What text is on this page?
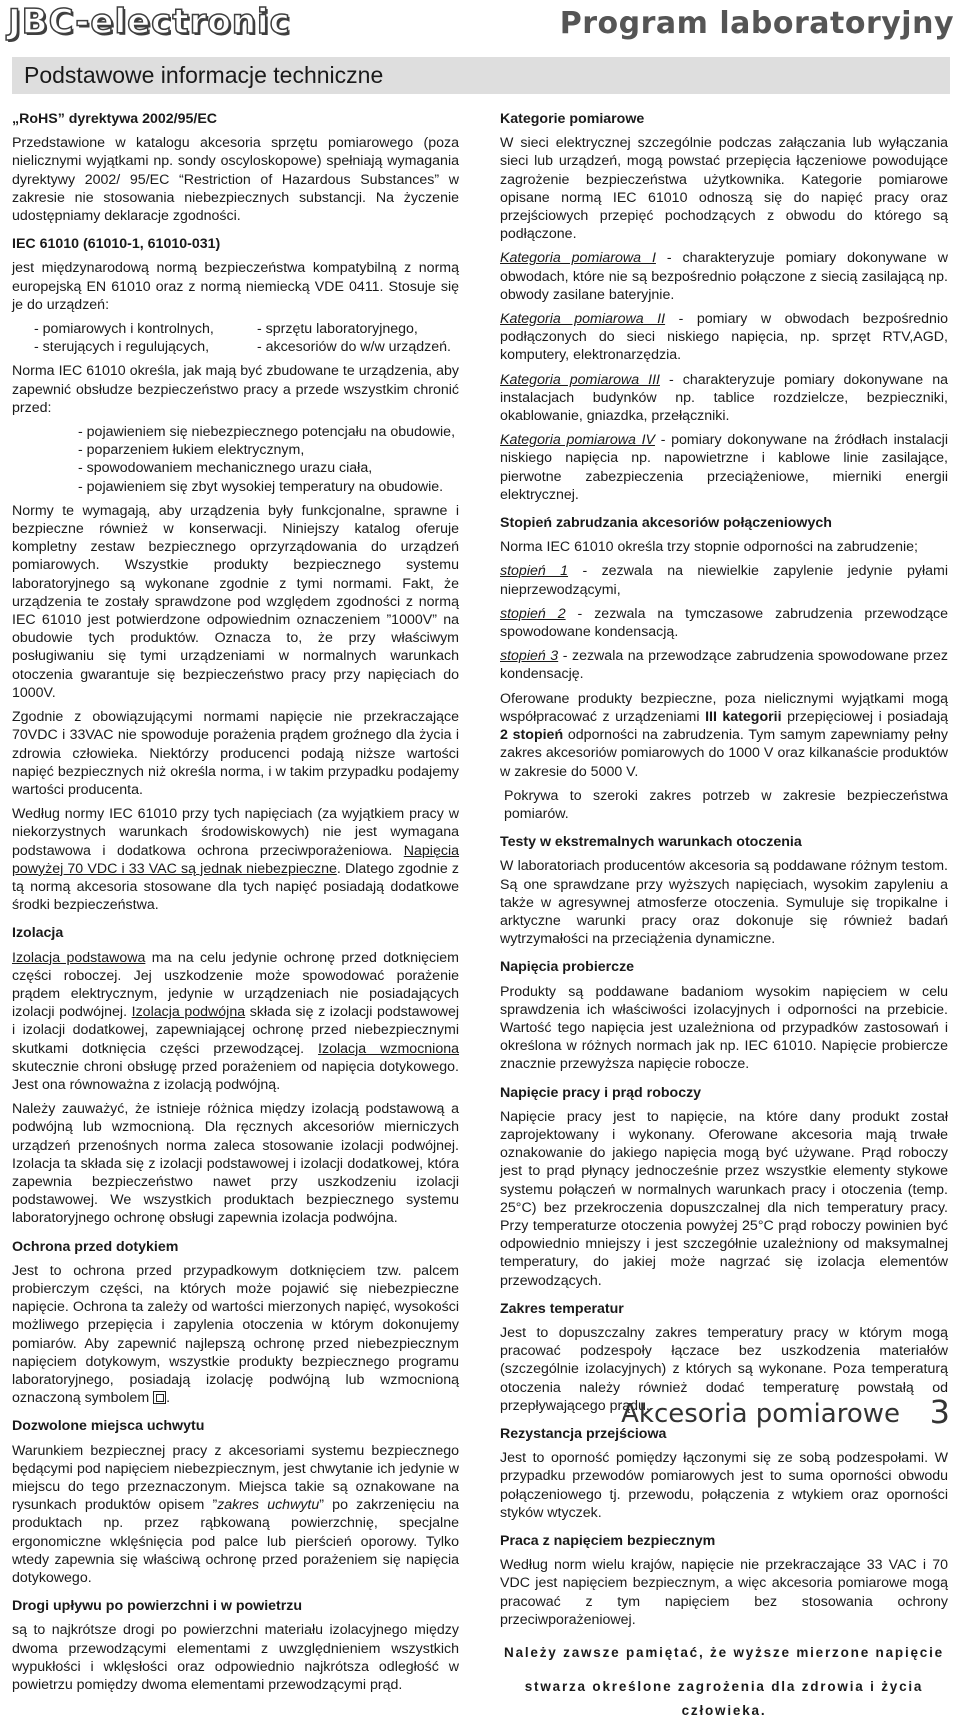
JBC-electronic	Program laboratoryjny
Podstawowe informacje techniczne

„RoHS” dyrektywa 2002/95/EC

Przedstawione w katalogu akcesoria sprzętu pomiarowego (poza nielicznymi wyjątkami np. sondy oscyloskopowe) spełniają wymagania dyrektywy 2002/ 95/EC “Restriction of Hazardous Substances” w zakresie nie stosowania niebezpiecznych substancji. Na życzenie udostępniamy deklaracje zgodności.

IEC 61010 (61010-1, 61010-031)

jest międzynarodową normą bezpieczeństwa kompatybilną z normą europejską EN 61010 oraz z normą niemiecką VDE 0411. Stosuje się je do urządzeń:

- pomiarowych i kontrolnych,	- sprzętu laboratoryjnego,

- sterujących i regulujących,	- akcesoriów do w/w urządzeń.

Norma IEC 61010 określa, jak mają być zbudowane te urządzenia, aby zapewnić obsłudze bezpieczeństwo pracy a przede wszystkim chronić przed:

- pojawieniem się niebezpiecznego potencjału na obudowie,

- poparzeniem łukiem elektrycznym,

- spowodowaniem mechanicznego urazu ciała,

- pojawieniem się zbyt wysokiej temperatury na obudowie.

Normy te wymagają, aby urządzenia były funkcjonalne, sprawne i bezpieczne również w konserwacji. Niniejszy katalog oferuje kompletny zestaw bezpiecznego oprzyrządowania do urządzeń pomiarowych. Wszystkie produkty bezpiecznego systemu laboratoryjnego są wykonane zgodnie z tymi normami. Fakt, że urządzenia te zostały sprawdzone pod względem zgodności z normą IEC 61010 jest potwierdzone odpowiednim oznaczeniem ”1000V” na obudowie tych produktów. Oznacza to, że przy właściwym posługiwaniu się tymi urządzeniami w normalnych warunkach otoczenia gwarantuje się bezpieczeństwo pracy przy napięciach do 1000V.

Zgodnie z obowiązującymi normami napięcie nie przekraczające 70VDC i 33VAC nie spowoduje porażenia prądem groźnego dla życia i zdrowia człowieka. Niektórzy producenci podają niższe wartości napięć bezpiecznych niż określa norma, i w takim przypadku podajemy wartości producenta.

Według normy IEC 61010 przy tych napięciach (za wyjątkiem pracy w niekorzystnych warunkach środowiskowych) nie jest wymagana podstawowa i dodatkowa ochrona przeciwporażeniowa. Napięcia powyżej 70 VDC i 33 VAC są jednak niebezpieczne. Dlatego zgodnie z tą normą akcesoria stosowane dla tych napięć posiadają dodatkowe środki bezpieczeństwa.

Izolacja

Izolacja podstawowa ma na celu jedynie ochronę przed dotknięciem części roboczej. Jej uszkodzenie może spowodować porażenie prądem elektrycznym, jedynie w urządzeniach nie posiadających izolacji podwójnej. Izolacja podwójna składa się z izolacji podstawowej i izolacji dodatkowej, zapewniającej ochronę przed niebezpiecznymi skutkami dotknięcia części przewodzącej. Izolacja wzmocniona skutecznie chroni obsługę przed porażeniem od napięcia dotykowego. Jest ona równoważna z izolacją podwójną.

Należy zauważyć, że istnieje różnica między izolacją podstawową a podwójną lub wzmocnioną. Dla ręcznych akcesoriów mierniczych urządzeń przenośnych norma zaleca stosowanie izolacji podwójnej. Izolacja ta składa się z izolacji podstawowej i izolacji dodatkowej, która zapewnia bezpieczeństwo nawet przy uszkodzeniu izolacji podstawowej. We wszystkich produktach bezpiecznego systemu laboratoryjnego ochronę obsługi zapewnia izolacja podwójna.

Ochrona przed dotykiem

Jest to ochrona przed przypadkowym dotknięciem tzw. palcem probierczym części, na których może pojawić się niebezpieczne napięcie. Ochrona ta zależy od wartości mierzonych napięć, wysokości możliwego przepięcia i zapylenia otoczenia w którym dokonujemy pomiarów. Aby zapewnić najlepszą ochronę przed niebezpiecznym napięciem dotykowym, wszystkie produkty bezpiecznego programu laboratoryjnego, posiadają izolację podwójną lub wzmocnioną oznaczoną symbolem .

Dozwolone miejsca uchwytu

Warunkiem bezpiecznej pracy z akcesoriami systemu bezpiecznego będącymi pod napięciem niebezpiecznym, jest chwytanie ich jedynie w miejscu do tego przeznaczonym. Miejsca takie są oznakowane na rysunkach produktów opisem ”zakres uchwytu” po zakrzenięciu na produktach np. przez rąbkowaną powierzchnię, specjalne ergonomiczne wklęśnięcia pod palce lub pierścień oporowy. Tylko wtedy zapewnia się właściwą ochronę przed porażeniem się napięcia dotykowego.

Drogi upływu po powierzchni i w powietrzu

są to najkrótsze drogi po powierzchni materiału izolacyjnego między dwoma przewodzącymi elementami z uwzględnieniem wszystkich wypukłości i wklęsłości oraz odpowiednio najkrótsza odległość w powietrzu pomiędzy dwoma elementami przewodzącymi prąd.

Kategorie pomiarowe

W sieci elektrycznej szczególnie podczas załączania lub wyłączania sieci lub urządzeń, mogą powstać przepięcia łączeniowe powodujące zagrożenie bezpieczeństwa użytkownika. Kategorie pomiarowe opisane normą IEC 61010 odnoszą się do napięć pracy oraz przejściowych przepięć pochodzących z obwodu do którego są podłączone.

Kategoria pomiarowa I - charakteryzuje pomiary dokonywane w obwodach, które nie są bezpośrednio połączone z siecią zasilającą np. obwody zasilane bateryjnie.

Kategoria pomiarowa II - pomiary w obwodach bezpośrednio podłączonych do sieci niskiego napięcia, np. sprzęt RTV,AGD, komputery, elektronarzędzia.

Kategoria pomiarowa III - charakteryzuje pomiary dokonywane na instalacjach budynków np. tablice rozdzielcze, bezpieczniki, okablowanie, gniazdka, przełączniki.

Kategoria pomiarowa IV - pomiary dokonywane na źródłach instalacji niskiego napięcia np. napowietrzne i kablowe linie zasilające, pierwotne zabezpieczenia przeciążeniowe, mierniki energii elektrycznej.

Stopień zabrudzania akcesoriów połączeniowych

Norma IEC 61010 określa trzy stopnie odporności na zabrudzenie;

stopień 1 - zezwala na niewielkie zapylenie jedynie pyłami nieprzewodzącymi,

stopień 2 - zezwala na tymczasowe zabrudzenia przewodzące spowodowane kondensacją.

stopień 3 - zezwala na przewodzące zabrudzenia spowodowane przez kondensację.

Oferowane produkty bezpieczne, poza nielicznymi wyjątkami mogą współpracować z urządzeniami III kategorii przepięciowej i posiadają 2 stopień odporności na zabrudzenia. Tym samym zapewniamy pełny zakres akcesoriów pomiarowych do 1000 V oraz kilkanaście produktów w zakresie do 5000 V.

Pokrywa to szeroki zakres potrzeb w zakresie bezpieczeństwa pomiarów.

Testy w ekstremalnych warunkach otoczenia

W laboratoriach producentów akcesoria są poddawane różnym testom. Są one sprawdzane przy wyższych napięciach, wysokim zapyleniu a także w agresywnej atmosferze otoczenia. Symuluje się tropikalne i arktyczne warunki pracy oraz dokonuje się również badań wytrzymałości na przeciążenia dynamiczne.

Napięcia probiercze

Produkty są poddawane badaniom wysokim napięciem w celu sprawdzenia ich właściwości izolacyjnych i odporności na przebicie. Wartość tego napięcia jest uzależniona od przypadków zastosowań i określona w różnych normach jak np. IEC 61010. Napięcie probiercze znacznie przewyższa napięcie robocze.

Napięcie pracy i prąd roboczy

Napięcie pracy jest to napięcie, na które dany produkt został zaprojektowany i wykonany. Oferowane akcesoria mają trwałe oznakowanie do jakiego napięcia mogą być używane. Prąd roboczy jest to prąd płynący jednocześnie przez wszystkie elementy stykowe systemu połączeń w normalnych warunkach pracy i otoczenia (temp. 25°C) bez przekroczenia dopuszczalnej dla nich temperatury pracy. Przy temperaturze otoczenia powyżej 25°C prąd roboczy powinien być odpowiednio mniejszy i jest szczegółnie uzależniony od maksymalnej temperatury, do jakiej może nagrzać się izolacja elementów przewodzących.

Zakres temperatur

Jest to dopuszczalny zakres temperatury pracy w którym mogą pracować podzespoły łączace bez uszkodzenia materiałów (szczególnie izolacyjnych) z których są wykonane. Poza temperaturą otoczenia należy również dodać temperaturę powstałą od przepływającego prądu.

Rezystancja przejściowa

Jest to oporność pomiędzy łączonymi się ze sobą podzespołami. W przypadku przewodów pomiarowych jest to suma oporności obwodu połączeniowego tj. przewodu, połączenia z wtykiem oraz oporności styków wtyczek.

Praca z napięciem bezpiecznym

Według norm wielu krajów, napięcie nie przekraczające 33 VAC i 70 VDC jest napięciem bezpiecznym, a więc akcesoria pomiarowe mogą pracować z tym napięciem bez stosowania ochrony przeciwporażeniowej.

Należy zawsze pamiętać, że wyższe mierzone napięcie
stwarza określone zagrożenia dla zdrowia i życia człowieka.
Akcesoria pomiarowe 3
